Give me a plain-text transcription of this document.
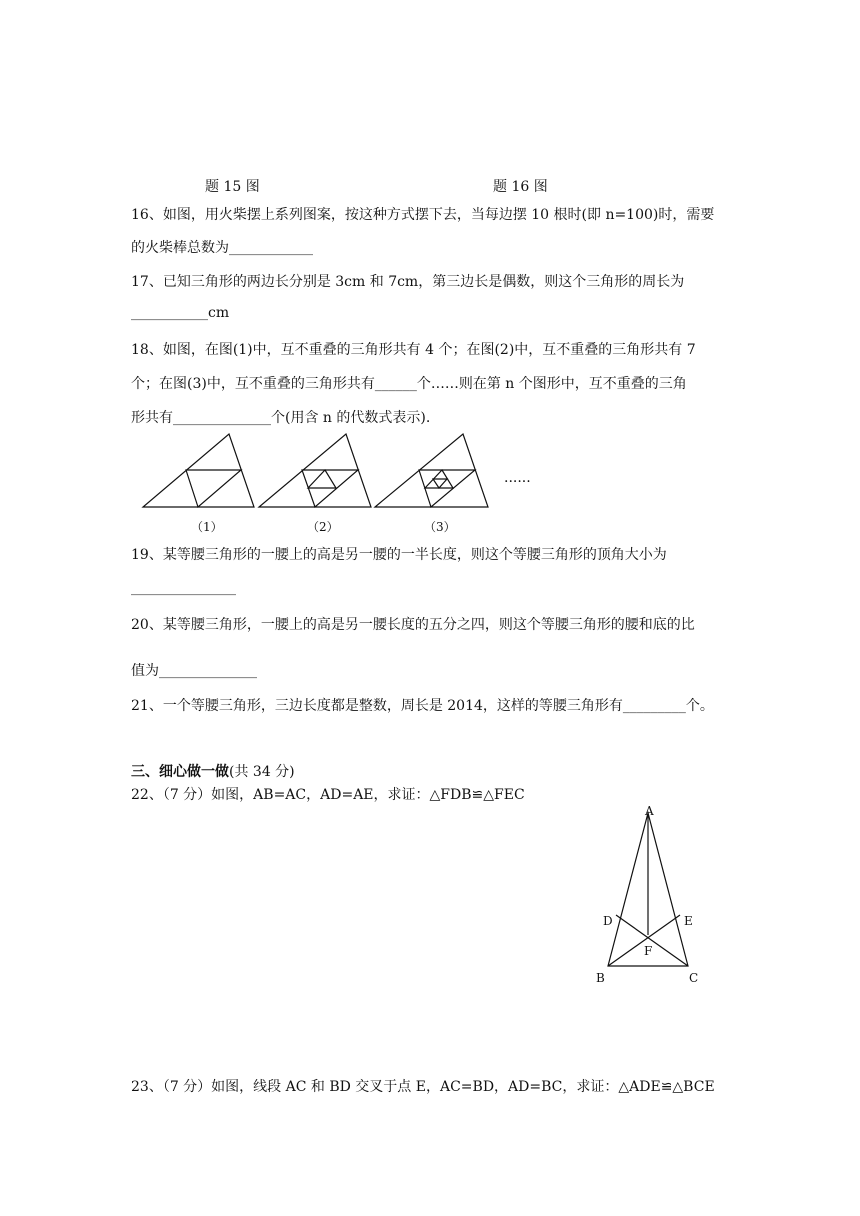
题 15 图	题 16 图
16、如图，用火柴摆上系列图案，按这种方式摆下去，当每边摆 10 根时(即 n=100)时，需要
的火柴棒总数为____________
17、已知三角形的两边长分别是 3cm 和 7cm，第三边长是偶数，则这个三角形的周长为
___________cm
18、如图，在图(1)中，互不重叠的三角形共有 4 个；在图(2)中，互不重叠的三角形共有 7
个；在图(3)中，互不重叠的三角形共有______个……则在第 n 个图形中，互不重叠的三角
形共有______________个(用含 n 的代数式表示).
（1）	（2）	（3）
......
19、某等腰三角形的一腰上的高是另一腰的一半长度，则这个等腰三角形的顶角大小为
_______________
20、某等腰三角形，一腰上的高是另一腰长度的五分之四，则这个等腰三角形的腰和底的比
值为______________
21、一个等腰三角形，三边长度都是整数，周长是 2014，这样的等腰三角形有_________个。
三、细心做一做(共 34 分)
22、（7 分）如图，AB=AC，AD=AE，求证：△FDB≌△FEC
A
D	E
F
B	C
23、（7 分）如图，线段 AC 和 BD 交叉于点 E，AC=BD，AD=BC，求证：△ADE≌△BCE
